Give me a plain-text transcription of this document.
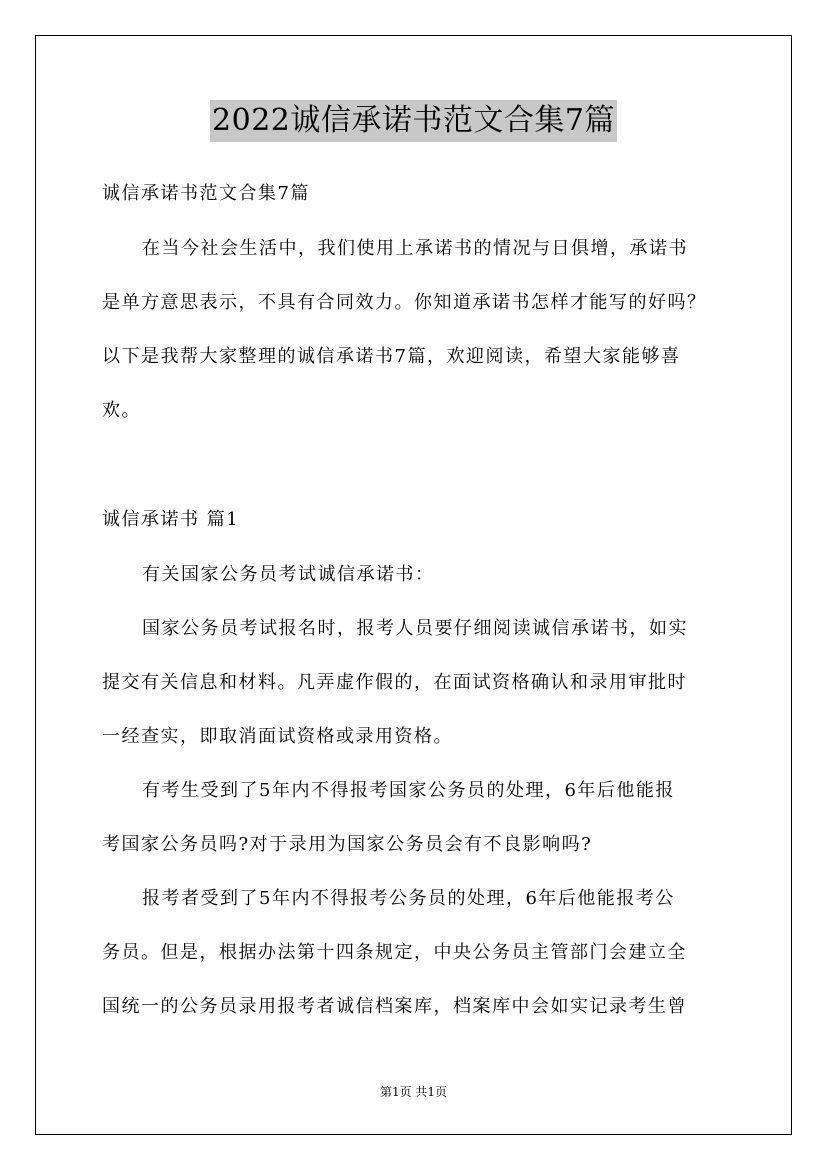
2022诚信承诺书范文合集7篇
诚信承诺书范文合集7篇
在当今社会生活中，我们使用上承诺书的情况与日俱增，承诺书
是单方意思表示，不具有合同效力。你知道承诺书怎样才能写的好吗？
以下是我帮大家整理的诚信承诺书7篇，欢迎阅读，希望大家能够喜
欢。
诚信承诺书 篇1
有关国家公务员考试诚信承诺书：
国家公务员考试报名时，报考人员要仔细阅读诚信承诺书，如实
提交有关信息和材料。凡弄虚作假的，在面试资格确认和录用审批时
一经查实，即取消面试资格或录用资格。
有考生受到了5年内不得报考国家公务员的处理，6年后他能报
考国家公务员吗?对于录用为国家公务员会有不良影响吗?
报考者受到了5年内不得报考公务员的处理，6年后他能报考公
务员。但是，根据办法第十四条规定，中央公务员主管部门会建立全
国统一的公务员录用报考者诚信档案库，档案库中会如实记录考生曾
第1页 共1页
